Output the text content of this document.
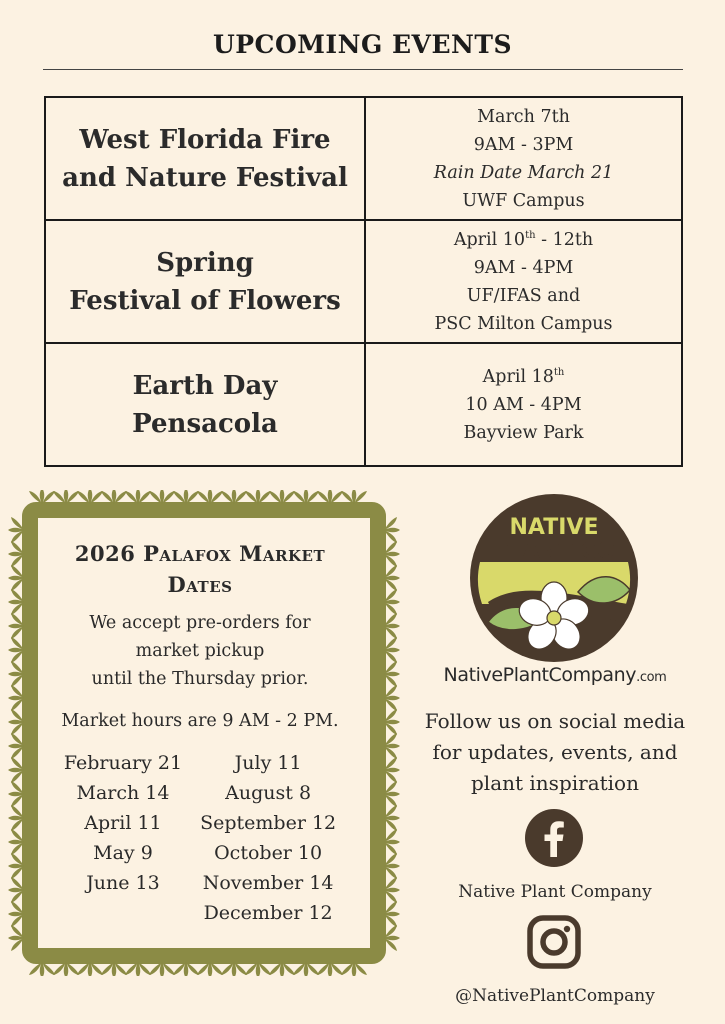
UPCOMING EVENTS
West Florida Fire
and Nature Festival	March 7th
9AM - 3PM
Rain Date March 21
UWF Campus

Spring
Festival of Flowers	April 10th - 12th
9AM - 4PM
UF/IFAS and
PSC Milton Campus

Earth Day
Pensacola	April 18th
10 AM - 4PM
Bayview Park
2026 Palafox Market
Dates
We accept pre-orders for
market pickup
until the Thursday prior.
Market hours are 9 AM - 2 PM.
February 21
March 14
April 11
May 9
June 13
July 11
August 8
September 12
October 10
November 14
December 12
NATIVE
PLANT CO
NativePlantCompany.com
Follow us on social media
for updates, events, and
plant inspiration
Native Plant Company
@NativePlantCompany
